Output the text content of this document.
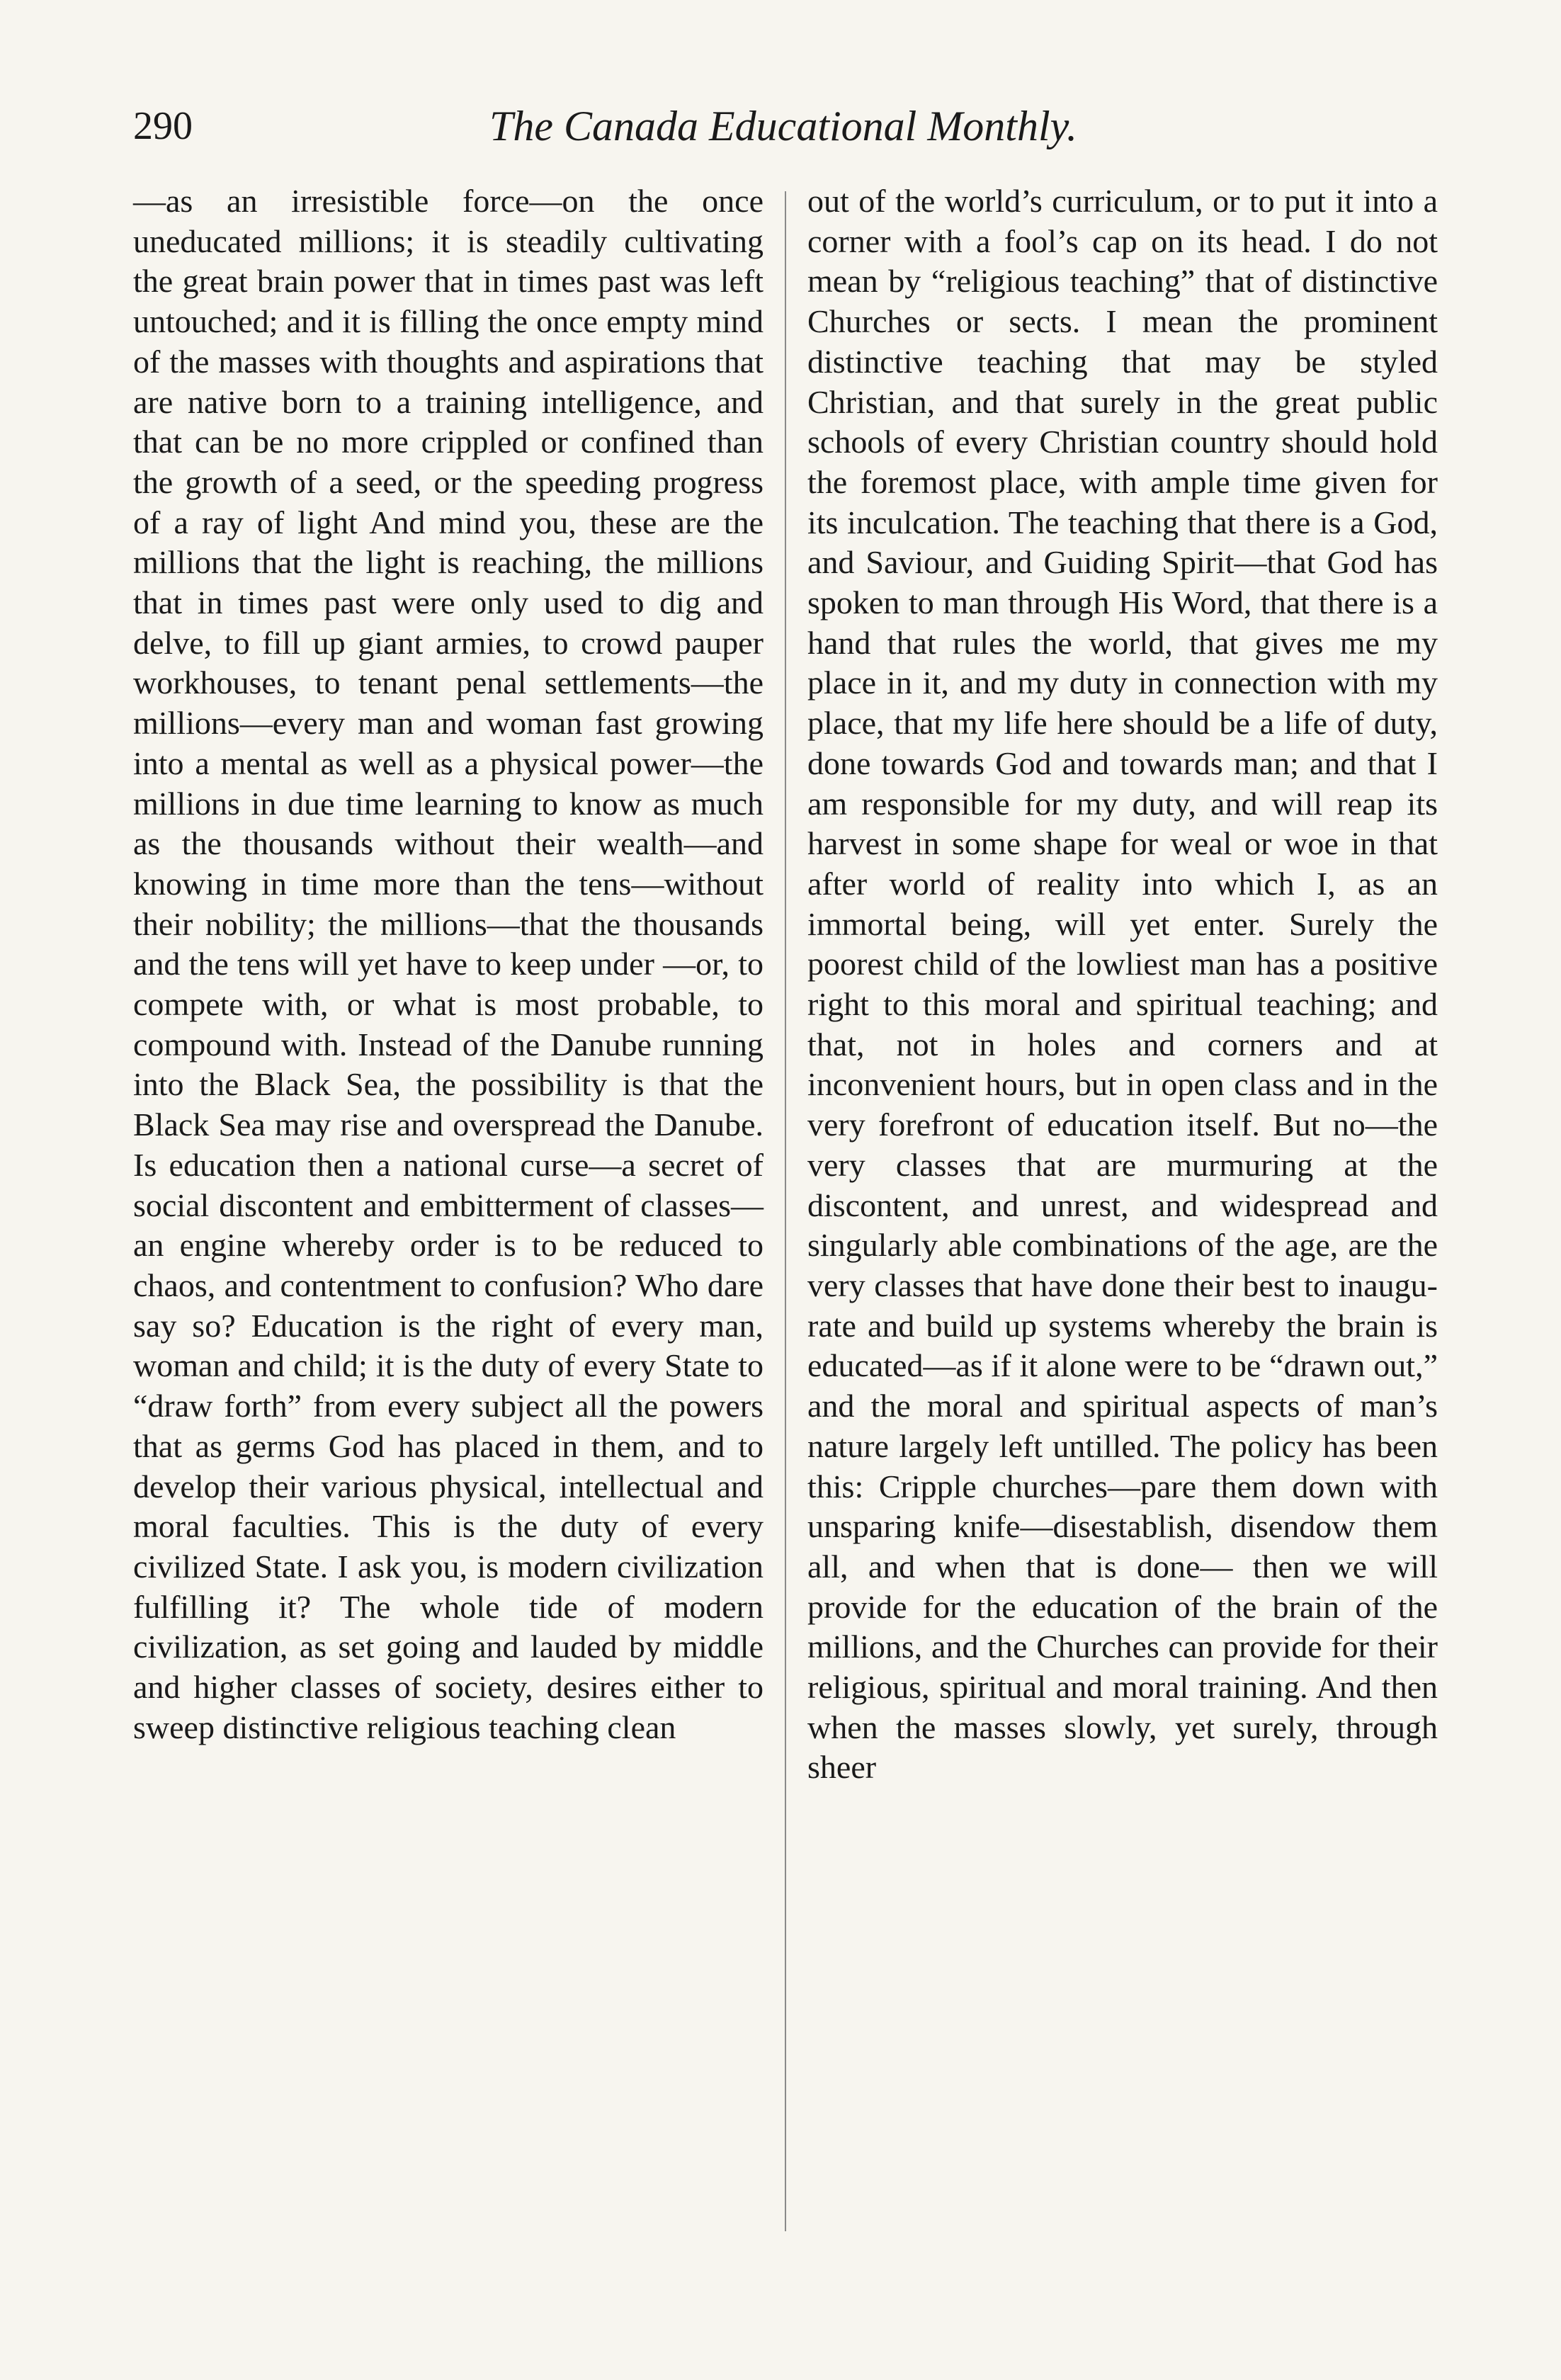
290	The Canada Educational Monthly.

—as an irresistible force—on the once uneducated millions; it is steadily cultivating the great brain power that in times past was left untouched; and it is filling the once empty mind of the masses with thoughts and aspirations that are native born to a training intelligence, and that can be no more crippled or confined than the growth of a seed, or the speeding progress of a ray of light And mind you, these are the millions that the light is reaching, the millions that in times past were only used to dig and delve, to fill up giant armies, to crowd pauper workhouses, to tenant penal settlements—the millions—every man and woman fast growing into a mental as well as a physical power—the millions in due time learning to know as much as the thousands without their wealth—and knowing in time more than the tens—without their nobility; the millions—that the thousands and the tens will yet have to keep under —or, to compete with, or what is most probable, to compound with. Instead of the Danube running into the Black Sea, the possibility is that the Black Sea may rise and overspread the Danube. Is education then a national curse—a secret of social discontent and embitterment of classes—an engine whereby order is to be reduced to chaos, and contentment to confusion? Who dare say so? Education is the right of every man, woman and child; it is the duty of every State to “draw forth” from every subject all the powers that as germs God has placed in them, and to develop their various physical, intellectual and moral faculties. This is the duty of every civilized State. I ask you, is modern civilization fulfilling it? The whole tide of modern civilization, as set going and lauded by middle and higher classes of society, desires either to sweep distinctive religious teaching clean

out of the world’s curriculum, or to put it into a corner with a fool’s cap on its head. I do not mean by “religious teaching” that of distinctive Churches or sects. I mean the prominent distinctive teaching that may be styled Christian, and that surely in the great public schools of every Christian country should hold the foremost place, with ample time given for its inculcation. The teaching that there is a God, and Saviour, and Guiding Spirit—that God has spoken to man through His Word, that there is a hand that rules the world, that gives me my place in it, and my duty in connection with my place, that my life here should be a life of duty, done towards God and towards man; and that I am responsible for my duty, and will reap its harvest in some shape for weal or woe in that after world of reality into which I, as an immortal being, will yet enter. Surely the poorest child of the lowliest man has a positive right to this moral and spiritual teaching; and that, not in holes and corners and at inconvenient hours, but in open class and in the very forefront of education itself. But no—the very classes that are murmuring at the discontent, and unrest, and widespread and singularly able combinations of the age, are the very classes that have done their best to inaugurate and build up systems whereby the brain is educated—as if it alone were to be “drawn out,” and the moral and spiritual aspects of man’s nature largely left untilled. The policy has been this: Cripple churches—pare them down with unsparing knife—disestablish, disendow them all, and when that is done— then we will provide for the education of the brain of the millions, and the Churches can provide for their religious, spiritual and moral training. And then when the masses slowly, yet surely, through sheer
